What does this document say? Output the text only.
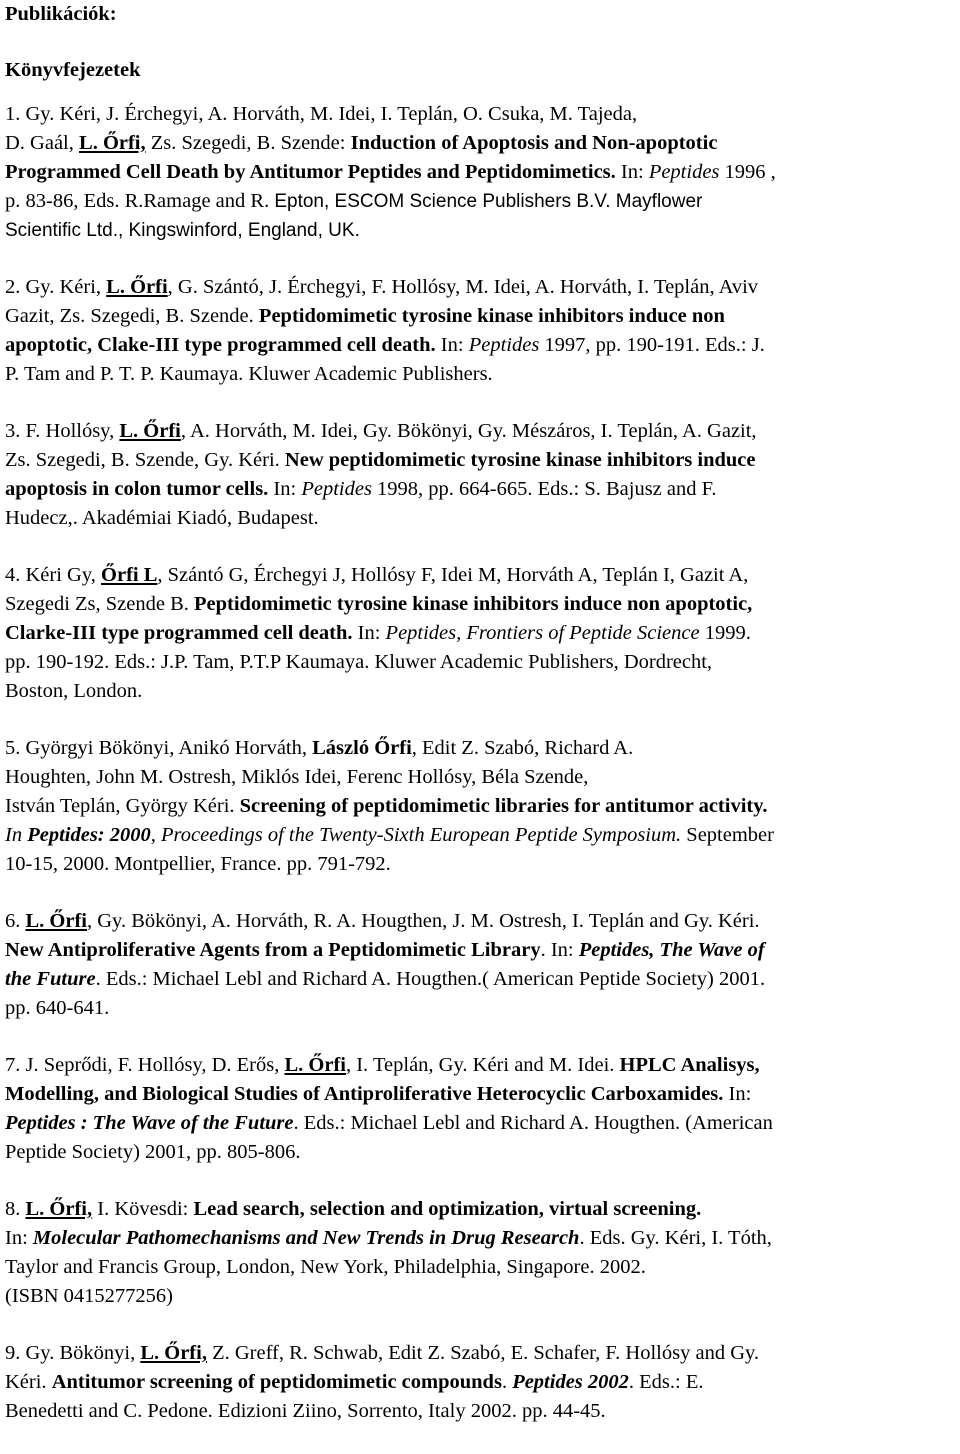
Publikációk:
Könyvfejezetek

1. Gy. Kéri, J. Érchegyi, A. Horváth, M. Idei, I. Teplán, O. Csuka, M. Tajeda,

D. Gaál, L. Őrfi, Zs. Szegedi, B. Szende: Induction of Apoptosis and Non-apoptotic

Programmed Cell Death by Antitumor Peptides and Peptidomimetics. In: Peptides 1996 ,

p. 83-86, Eds. R.Ramage and R. Epton, ESCOM Science Publishers B.V. Mayflower

Scientific Ltd., Kingswinford, England, UK.

2. Gy. Kéri, L. Őrfi, G. Szántó, J. Érchegyi, F. Hollósy, M. Idei, A. Horváth, I. Teplán, Aviv

Gazit, Zs. Szegedi, B. Szende. Peptidomimetic tyrosine kinase inhibitors induce non

apoptotic, Clake-III type programmed cell death. In: Peptides 1997, pp. 190-191. Eds.: J.

P. Tam and P. T. P. Kaumaya. Kluwer Academic Publishers.

3. F. Hollósy, L. Őrfi, A. Horváth, M. Idei, Gy. Bökönyi, Gy. Mészáros, I. Teplán, A. Gazit,

Zs. Szegedi, B. Szende, Gy. Kéri. New peptidomimetic tyrosine kinase inhibitors induce

apoptosis in colon tumor cells. In: Peptides 1998, pp. 664-665. Eds.: S. Bajusz and F.

Hudecz,. Akadémiai Kiadó, Budapest.

4. Kéri Gy, Őrfi L, Szántó G, Érchegyi J, Hollósy F, Idei M, Horváth A, Teplán I, Gazit A,

Szegedi Zs, Szende B. Peptidomimetic tyrosine kinase inhibitors induce non apoptotic,

Clarke-III type programmed cell death. In: Peptides, Frontiers of Peptide Science 1999.

pp. 190-192. Eds.: J.P. Tam, P.T.P Kaumaya. Kluwer Academic Publishers, Dordrecht,

Boston, London.

5. Györgyi Bökönyi, Anikó Horváth, László Őrfi, Edit Z. Szabó, Richard A.

Houghten, John M. Ostresh, Miklós Idei, Ferenc Hollósy, Béla Szende,

István Teplán, György Kéri. Screening of peptidomimetic libraries for antitumor activity.

In Peptides: 2000, Proceedings of the Twenty-Sixth European Peptide Symposium. September

10-15, 2000. Montpellier, France. pp. 791-792.

6. L. Őrfi, Gy. Bökönyi, A. Horváth, R. A. Hougthen, J. M. Ostresh, I. Teplán and Gy. Kéri.

New Antiproliferative Agents from a Peptidomimetic Library. In: Peptides, The Wave of

the Future. Eds.: Michael Lebl and Richard A. Hougthen.( American Peptide Society) 2001.

pp. 640-641.

7. J. Seprődi, F. Hollósy, D. Erős, L. Őrfi, I. Teplán, Gy. Kéri and M. Idei. HPLC Analisys,

Modelling, and Biological Studies of Antiproliferative Heterocyclic Carboxamides. In:

Peptides : The Wave of the Future. Eds.: Michael Lebl and Richard A. Hougthen. (American

Peptide Society) 2001, pp. 805-806.

8. L. Őrfi, I. Kövesdi: Lead search, selection and optimization, virtual screening.

In: Molecular Pathomechanisms and New Trends in Drug Research. Eds. Gy. Kéri, I. Tóth,

Taylor and Francis Group, London, New York, Philadelphia, Singapore. 2002.

(ISBN 0415277256)

9. Gy. Bökönyi, L. Őrfi, Z. Greff, R. Schwab, Edit Z. Szabó, E. Schafer, F. Hollósy and Gy.

Kéri. Antitumor screening of peptidomimetic compounds. Peptides 2002. Eds.: E.

Benedetti and C. Pedone. Edizioni Ziino, Sorrento, Italy 2002. pp. 44-45.
